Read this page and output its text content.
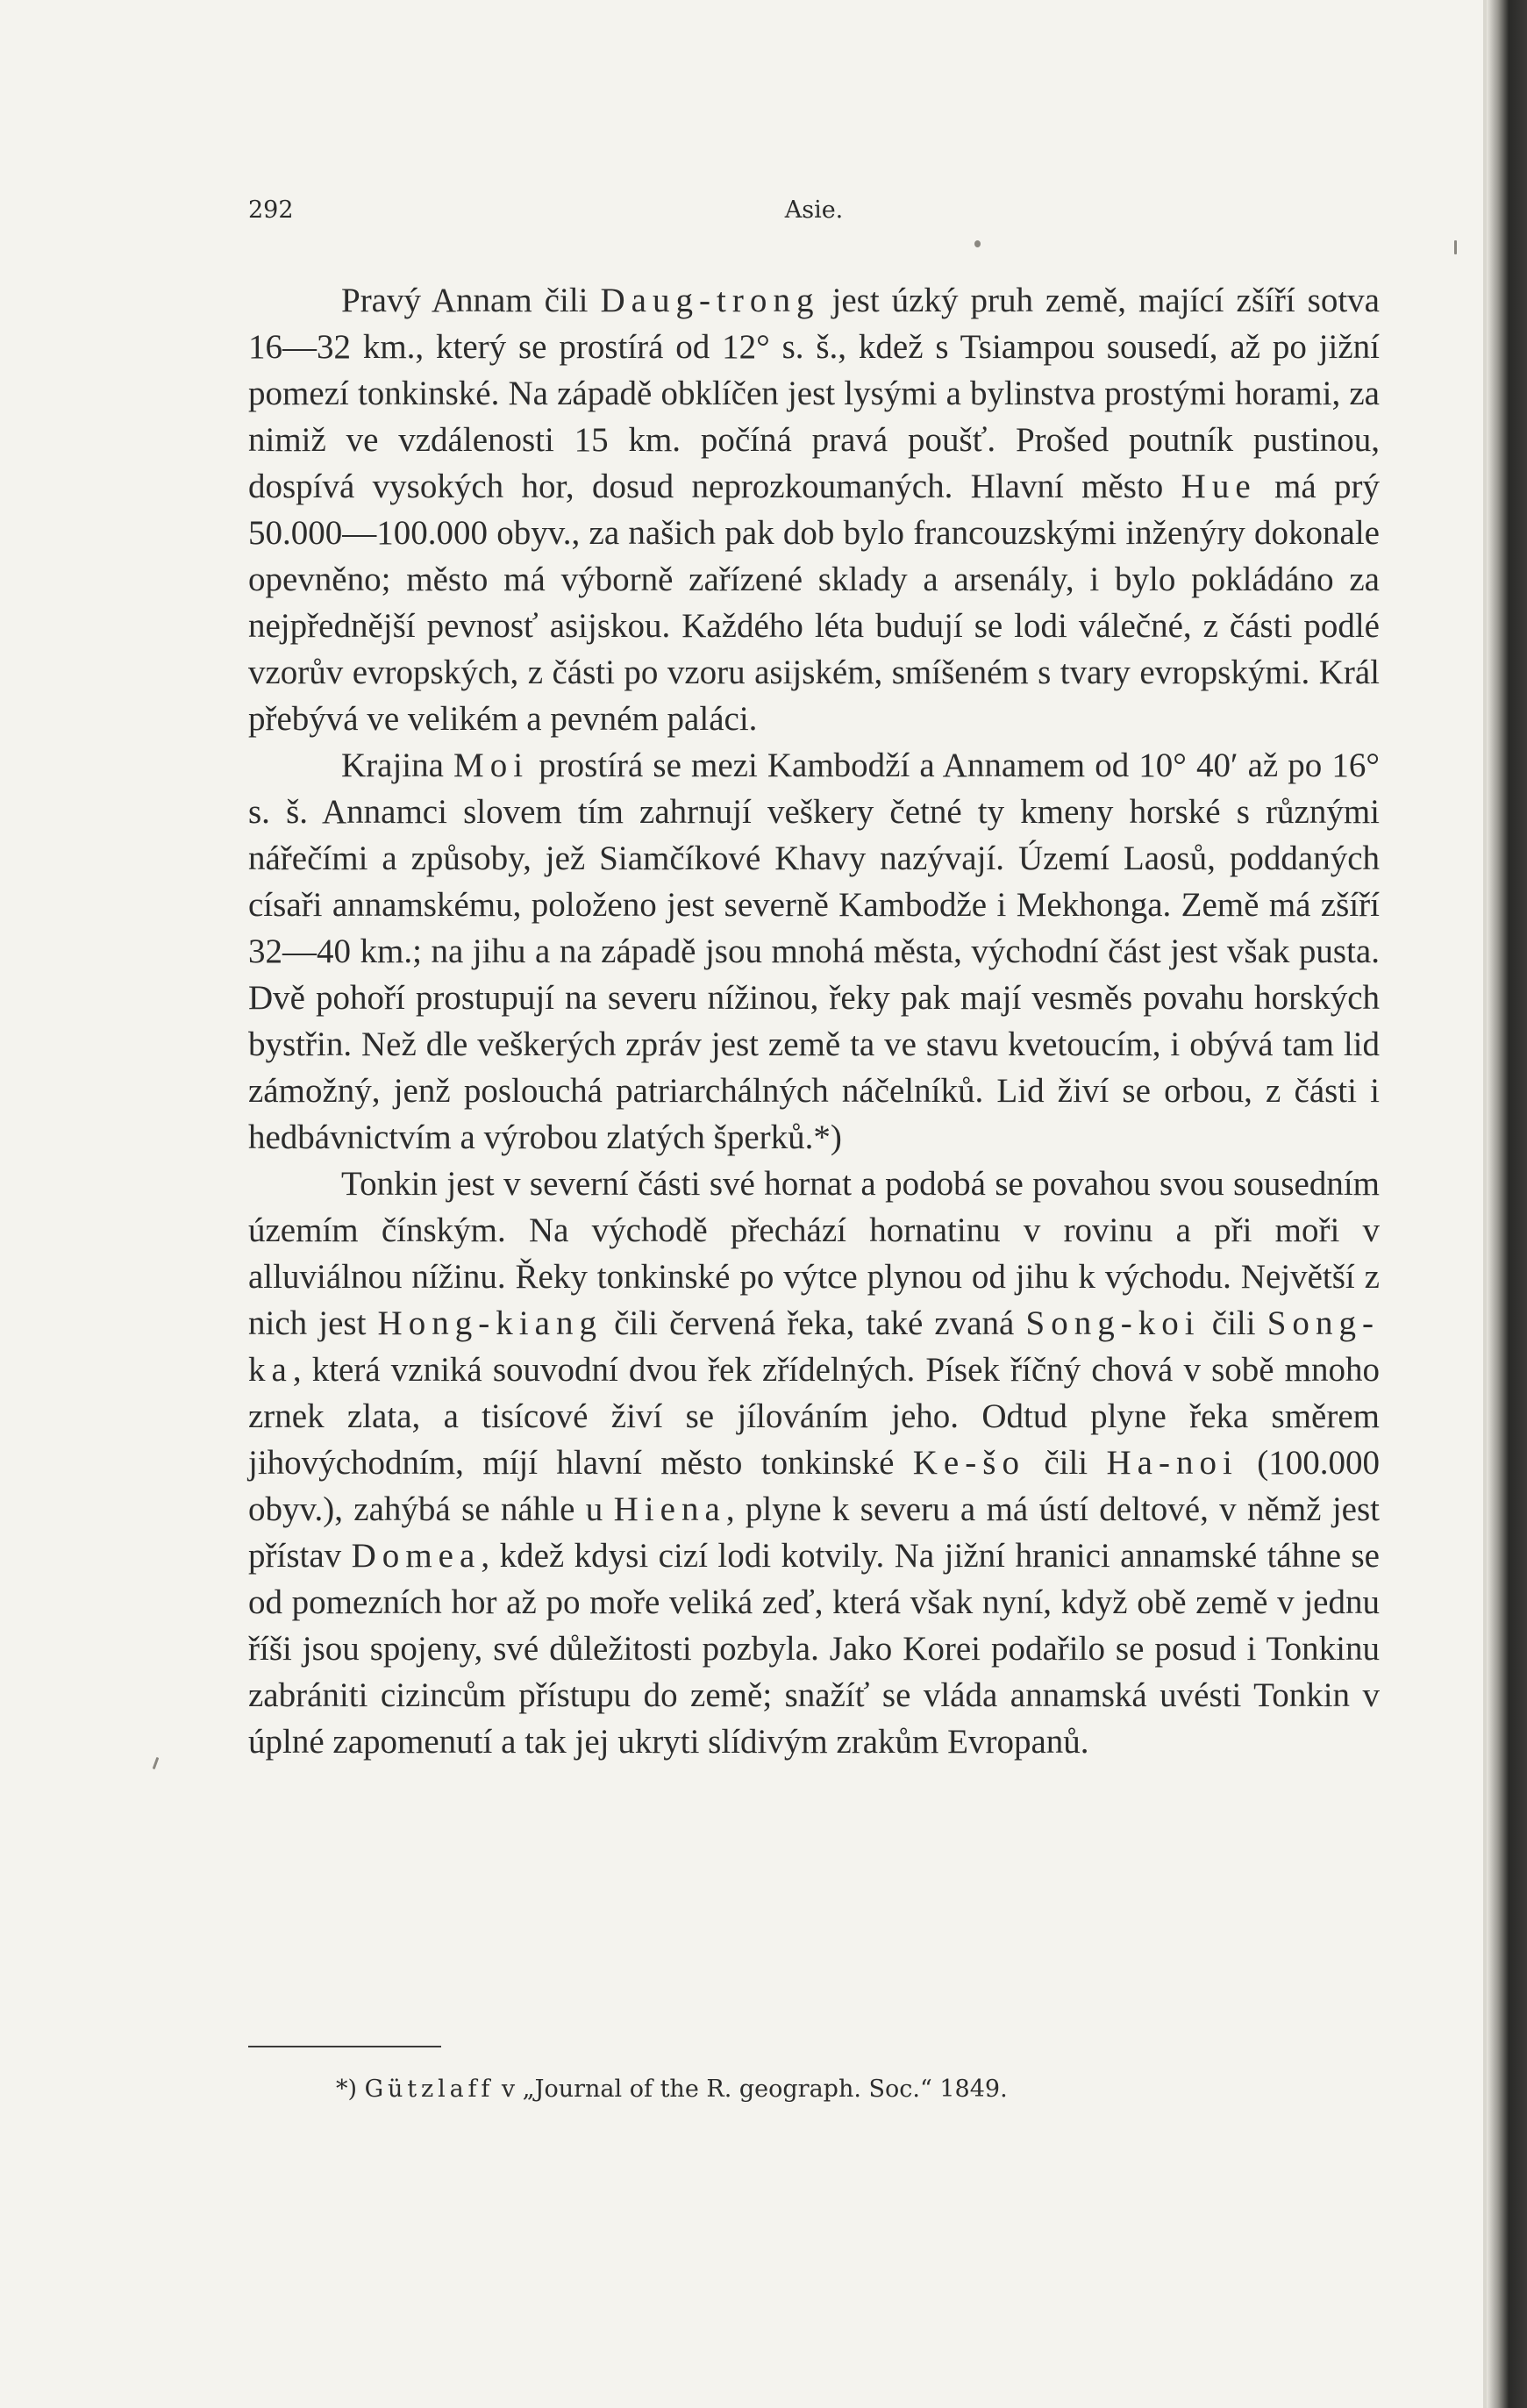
292	Asie.

Pravý Annam čili Daug-trong jest úzký pruh země, mající zšíří sotva 16—32 km., který se prostírá od 12° s. š., kdež s Tsiampou sousedí, až po jižní pomezí tonkinské. Na západě obklíčen jest lysými a bylinstva prostými horami, za nimiž ve vzdálenosti 15 km. počíná pravá poušť. Prošed poutník pustinou, dospívá vysokých hor, dosud neprozkoumaných. Hlavní město Hue má prý 50.000—100.000 obyv., za našich pak dob bylo francouzskými inženýry dokonale opevněno; město má výborně zařízené sklady a arsenály, i bylo pokládáno za nejpřednější pevnosť asijskou. Každého léta budují se lodi válečné, z části podlé vzorův evropských, z části po vzoru asijském, smíšeném s tvary evropskými. Král přebývá ve velikém a pevném paláci.

Krajina Moi prostírá se mezi Kambodží a Annamem od 10° 40′ až po 16° s. š. Annamci slovem tím zahrnují veškery četné ty kmeny horské s různými nářečími a způsoby, jež Siamčíkové Khavy nazývají. Území Laosů, poddaných císaři annamskému, položeno jest severně Kambodže i Mekhonga. Země má zšíří 32—40 km.; na jihu a na západě jsou mnohá města, východní část jest však pusta. Dvě pohoří prostupují na severu nížinou, řeky pak mají vesměs povahu horských bystřin. Než dle veškerých zpráv jest země ta ve stavu kvetoucím, i obývá tam lid zámožný, jenž poslouchá patriarchálných náčelníků. Lid živí se orbou, z části i hedbávnictvím a výrobou zlatých šperků.*)

Tonkin jest v severní části své hornat a podobá se povahou svou sousedním územím čínským. Na východě přechází hornatinu v rovinu a při moři v alluviálnou nížinu. Řeky tonkinské po výtce plynou od jihu k východu. Největší z nich jest Hong-kiang čili červená řeka, také zvaná Song-koi čili Song-ka, která vzniká souvodní dvou řek zřídelných. Písek říčný chová v sobě mnoho zrnek zlata, a tisícové živí se jílováním jeho. Odtud plyne řeka směrem jihovýchodním, míjí hlavní město tonkinské Ke-šo čili Ha-noi (100.000 obyv.), zahýbá se náhle u Hiena, plyne k severu a má ústí deltové, v němž jest přístav Domea, kdež kdysi cizí lodi kotvily. Na jižní hranici annamské táhne se od pomezních hor až po moře veliká zeď, která však nyní, když obě země v jednu říši jsou spojeny, své důležitosti pozbyla. Jako Korei podařilo se posud i Tonkinu zabrániti cizincům přístupu do země; snažíť se vláda annamská uvésti Tonkin v úplné zapomenutí a tak jej ukryti slídivým zrakům Evropanů.

*) Gützlaff v „Journal of the R. geograph. Soc.“ 1849.
